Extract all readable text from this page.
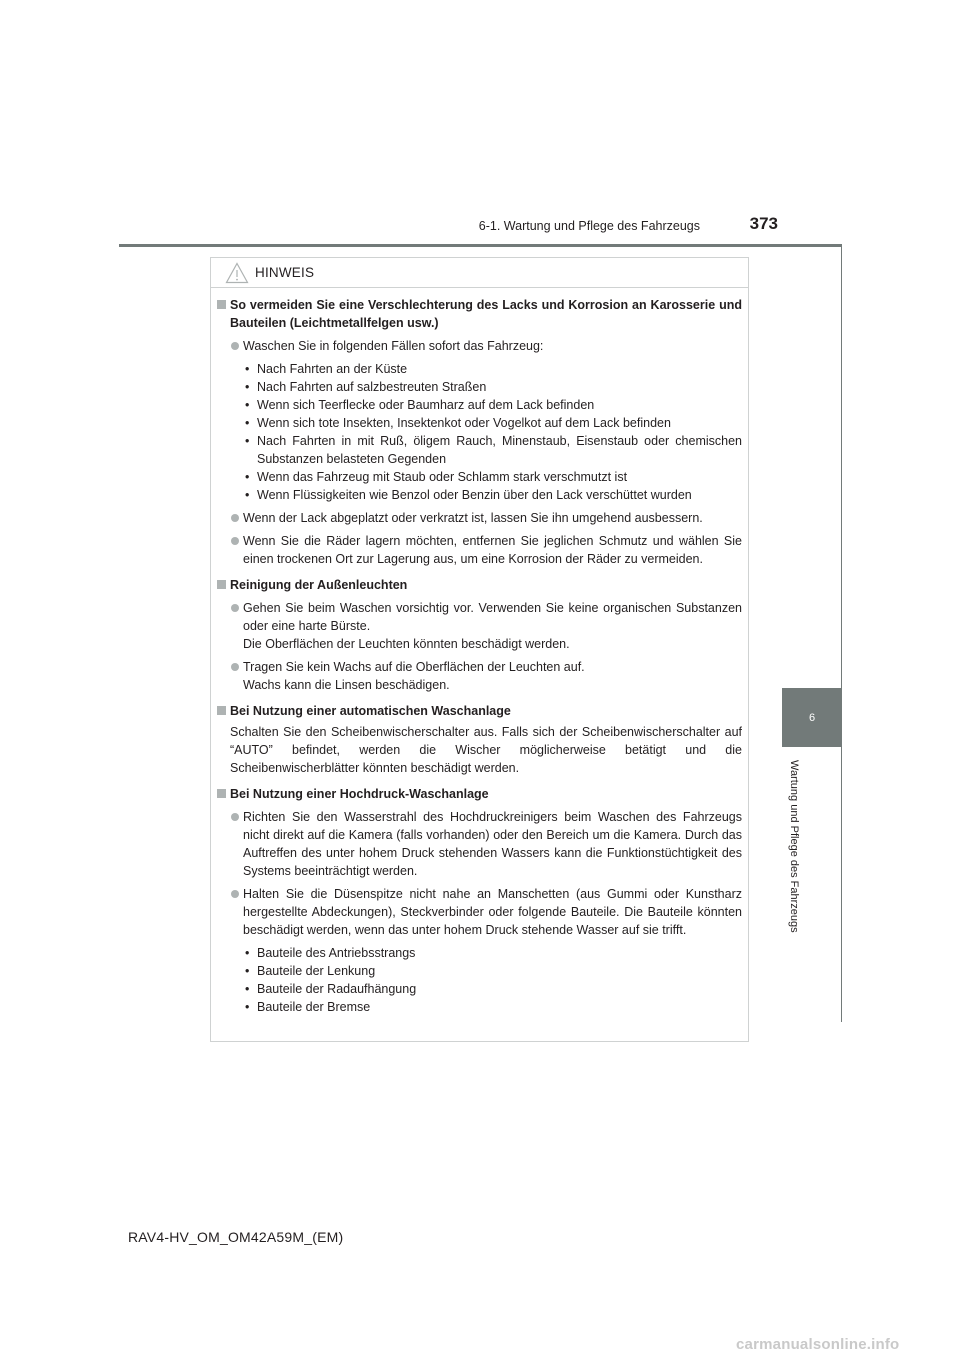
6-1. Wartung und Pflege des Fahrzeugs	373
6
Wartung und Pflege des Fahrzeugs
HINWEIS
So vermeiden Sie eine Verschlechterung des Lacks und Korrosion an Karosserie und Bauteilen (Leichtmetallfelgen usw.)
Waschen Sie in folgenden Fällen sofort das Fahrzeug:
• Nach Fahrten an der Küste
• Nach Fahrten auf salzbestreuten Straßen
• Wenn sich Teerflecke oder Baumharz auf dem Lack befinden
• Wenn sich tote Insekten, Insektenkot oder Vogelkot auf dem Lack befinden
• Nach Fahrten in mit Ruß, öligem Rauch, Minenstaub, Eisenstaub oder chemischen Substanzen belasteten Gegenden
• Wenn das Fahrzeug mit Staub oder Schlamm stark verschmutzt ist
• Wenn Flüssigkeiten wie Benzol oder Benzin über den Lack verschüttet wurden
Wenn der Lack abgeplatzt oder verkratzt ist, lassen Sie ihn umgehend ausbessern.
Wenn Sie die Räder lagern möchten, entfernen Sie jeglichen Schmutz und wählen Sie einen trockenen Ort zur Lagerung aus, um eine Korrosion der Räder zu vermeiden.
Reinigung der Außenleuchten
Gehen Sie beim Waschen vorsichtig vor. Verwenden Sie keine organischen Substanzen oder eine harte Bürste.
Die Oberflächen der Leuchten könnten beschädigt werden.
Tragen Sie kein Wachs auf die Oberflächen der Leuchten auf.
Wachs kann die Linsen beschädigen.
Bei Nutzung einer automatischen Waschanlage
Schalten Sie den Scheibenwischerschalter aus. Falls sich der Scheibenwischerschalter auf “AUTO” befindet, werden die Wischer möglicherweise betätigt und die Scheibenwischerblätter könnten beschädigt werden.
Bei Nutzung einer Hochdruck-Waschanlage
Richten Sie den Wasserstrahl des Hochdruckreinigers beim Waschen des Fahrzeugs nicht direkt auf die Kamera (falls vorhanden) oder den Bereich um die Kamera. Durch das Auftreffen des unter hohem Druck stehenden Wassers kann die Funktionstüchtigkeit des Systems beeinträchtigt werden.
Halten Sie die Düsenspitze nicht nahe an Manschetten (aus Gummi oder Kunstharz hergestellte Abdeckungen), Steckverbinder oder folgende Bauteile. Die Bauteile könnten beschädigt werden, wenn das unter hohem Druck stehende Wasser auf sie trifft.
• Bauteile des Antriebsstrangs
• Bauteile der Lenkung
• Bauteile der Radaufhängung
• Bauteile der Bremse
RAV4-HV_OM_OM42A59M_(EM)
carmanualsonline.info
